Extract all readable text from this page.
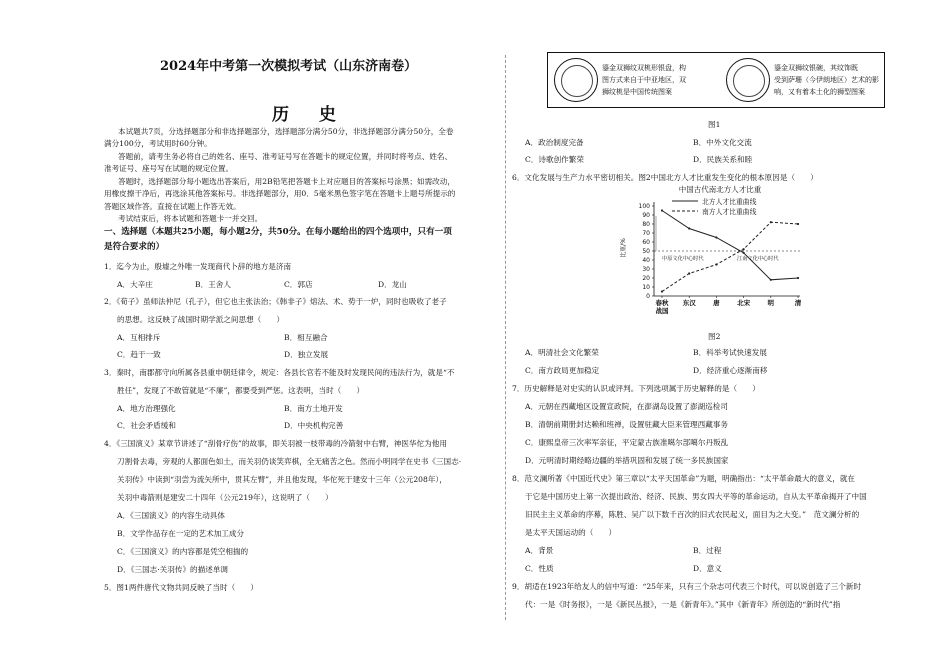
2024年中考第一次模拟考试（山东济南卷）
历 史
本试题共7页，分选择题部分和非选择题部分，选择题部分满分50分，非选择题部分满分50分，全卷
满分100分，考试用时60分钟。
答题前，请考生务必将自己的姓名、座号、准考证号写在答题卡的规定位置，并同时将考点、姓名、
准考证号、座号写在试题的规定位置。
答题时，选择题部分每小题选出答案后，用2B铅笔把答题卡上对应题目的答案标号涂黑；如需改动，
用橡皮擦干净后，再选涂其他答案标号。非选择题部分，用0．5毫米黑色签字笔在答题卡上题号所提示的
答题区域作答。直接在试题上作答无效。
考试结束后，将本试题和答题卡一并交回。
一、选择题（本题共25小题，每小题2分，共50分。在每小题给出的四个选项中，只有一项
是符合要求的）
1．迄今为止，殷墟之外唯一发现商代卜辞的地方是济南
A．大辛庄	B．王舍人	C．郭店	D．龙山
2．《荀子》虽师法仲尼（孔子），但它也主张法治；《韩非子》熔法、术、势于一炉，同时也吸收了老子
的思想。这反映了战国时期学派之间思想（　　）
A．互相排斥	B．相互融合
C．趋于一致	D．独立发展
3．秦时，南郡都守向所属各县重申朝廷律令，规定：各县长官若不能及时发现民间的违法行为，就是“不
胜任”，发现了不敢管就是“不廉”，都要受到严惩。这表明，当时（　　）
A．地方治理强化	B．南方土地开发
C．社会矛盾缓和	D．中央机构完善
4．《三国演义》某章节讲述了“刮骨疗伤”的故事，即关羽被一枝带毒的冷箭射中右臂，神医华佗为他用
刀割骨去毒，旁观的人都面色如土，而关羽仍谈笑弈棋，全无痛苦之色。然而小明同学在史书《三国志·
关羽传》中读到“羽尝为流矢所中，贯其左臂”，并且他发现，华佗死于建安十三年（公元208年），
关羽中毒箭则是建安二十四年（公元219年），这说明了（　　）
A．《三国演义》的内容生动具体
B．文学作品存在一定的艺术加工成分
C．《三国演义》的内容都是凭空相揣的
D．《三国志·关羽传》的描述单调
5．图1两件唐代文物共同反映了当时（　　）
鎏金双狮纹双桃形银盘，构
图方式来自于中亚地区，双
狮纹桃是中国传统图案
鎏金双狮纹银碗，其纹饰既
受到萨珊（今伊朗地区）艺术的影
响，又有着本土化的狮型图案
图1
A．政治制度完备	B．中外文化交流
C．诗歌创作繁荣	D．民族关系和睦
6．文化发展与生产力水平密切相关。图2中国北方人才比重发生变化的根本原因是（　　）
中国古代南北方人才比重
北方人才比重曲线
南方人才比重曲线
比重/%
中原文化中心时代	江南文化中心时代
0
10
20
30
40
50
60
70
80
90
100
春秋
战国
东汉	唐	北宋	明	清
图2
A．明清社会文化繁荣	B．科举考试快速发展
C．南方政局更加稳定	D．经济重心逐渐南移
7．历史解释是对史实的认识或评判。下列选项属于历史解释的是（　　）
A．元朝在西藏地区设置宣政院，在澎湖岛设置了澎湖巡检司
B．清朝前期册封达赖和班禅，设置驻藏大臣来管理西藏事务
C．康熙皇帝三次率军亲征，平定蒙古族准噶尔部噶尔丹叛乱
D．元明清时期经略边疆的举措巩固和发展了统一多民族国家
8．范文澜所著《中国近代史》第三章以“太平天国革命”为题，明确指出：“太平革命最大的意义，就在
于它是中国历史上第一次提出政治、经济、民族、男女四大平等的革命运动，自从太平革命揭开了中国
旧民主主义革命的序幕，陈胜、吴广以下数千百次的旧式农民起义，面目为之大变。”　范文澜分析的
是太平天国运动的（　　）
A．背景	B．过程
C．性质	D．意义
9．胡适在1923年给友人的信中写道：“25年来，只有三个杂志可代表三个时代，可以说创造了三个新时
代：一是《时务报》，一是《新民丛报》，一是《新青年》。”其中《新青年》所创造的“新时代”指
